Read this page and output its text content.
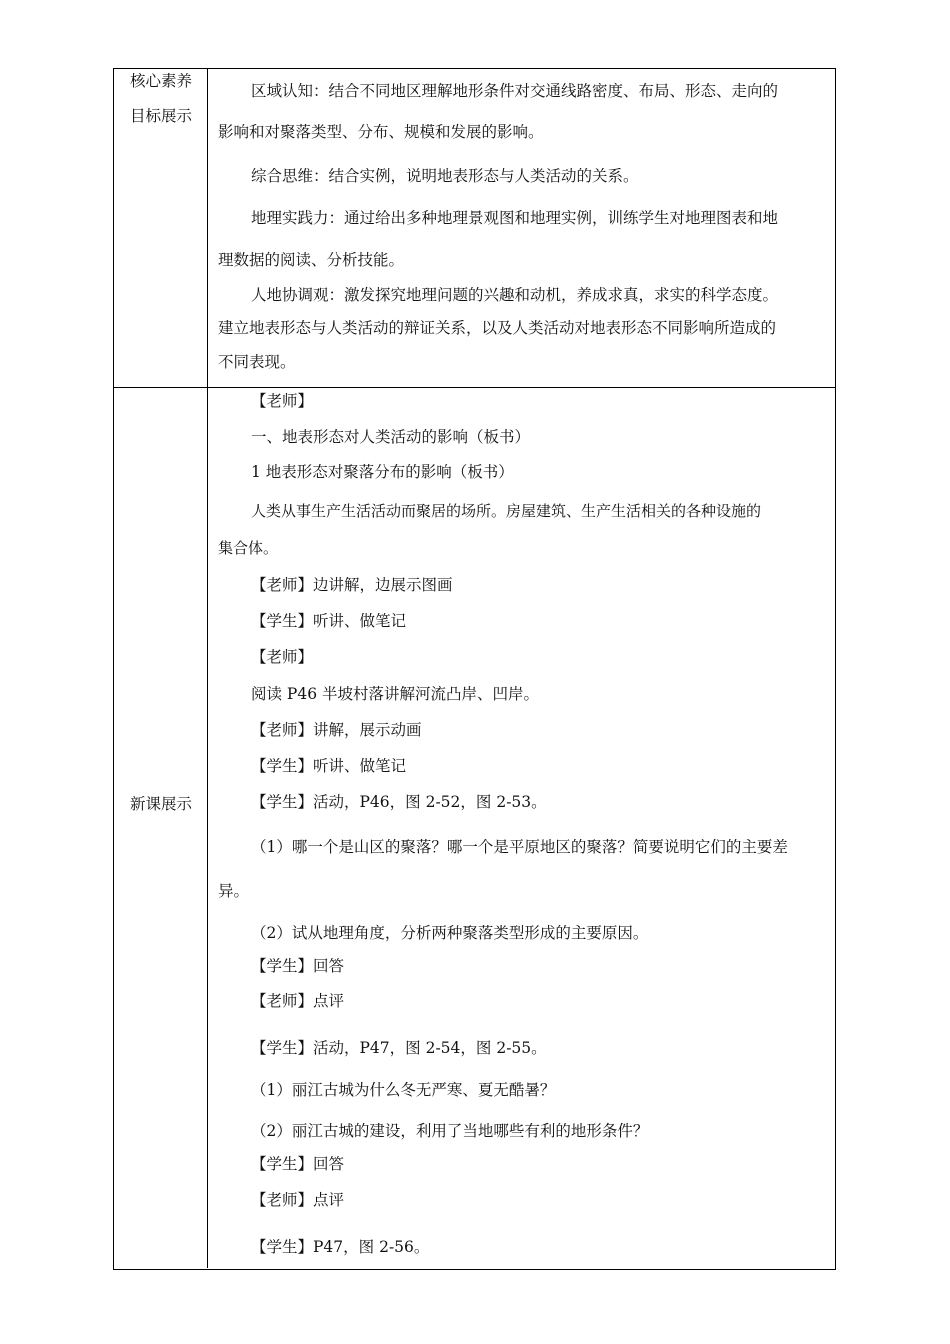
核心素养
目标展示
区域认知：结合不同地区理解地形条件对交通线路密度、布局、形态、走向的
影响和对聚落类型、分布、规模和发展的影响。
综合思维：结合实例，说明地表形态与人类活动的关系。
地理实践力：通过给出多种地理景观图和地理实例，训练学生对地理图表和地
理数据的阅读、分析技能。
人地协调观：激发探究地理问题的兴趣和动机，养成求真，求实的科学态度。
建立地表形态与人类活动的辩证关系，以及人类活动对地表形态不同影响所造成的
不同表现。
新课展示
【老师】
一、地表形态对人类活动的影响（板书）
1 地表形态对聚落分布的影响（板书）
人类从事生产生活活动而聚居的场所。房屋建筑、生产生活相关的各种设施的
集合体。
【老师】边讲解，边展示图画
【学生】听讲、做笔记
【老师】
阅读 P46 半坡村落讲解河流凸岸、凹岸。
【老师】讲解，展示动画
【学生】听讲、做笔记
【学生】活动，P46，图 2-52，图 2-53。
（1）哪一个是山区的聚落？哪一个是平原地区的聚落？简要说明它们的主要差
异。
（2）试从地理角度，分析两种聚落类型形成的主要原因。
【学生】回答
【老师】点评
【学生】活动，P47，图 2-54，图 2-55。
（1）丽江古城为什么冬无严寒、夏无酷暑？
（2）丽江古城的建设，利用了当地哪些有利的地形条件？
【学生】回答
【老师】点评
【学生】P47，图 2-56。
